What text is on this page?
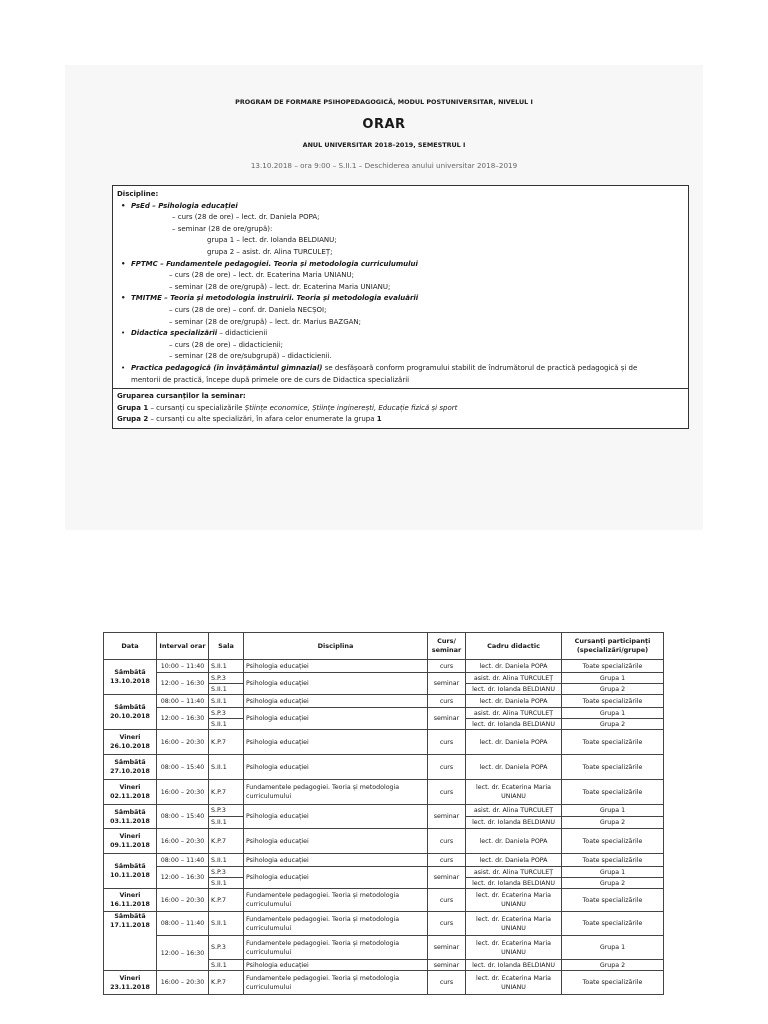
PROGRAM DE FORMARE PSIHOPEDAGOGICĂ, MODUL POSTUNIVERSITAR, NIVELUL I
ORAR
ANUL UNIVERSITAR 2018–2019, SEMESTRUL I
13.10.2018 – ora 9:00 – S.II.1 – Deschiderea anului universitar 2018–2019
Discipline:
• PsEd – Psihologia educației
– curs (28 de ore) – lect. dr. Daniela POPA;
– seminar (28 de ore/grupă):
grupa 1 – lect. dr. Iolanda BELDIANU;
grupa 2 – asist. dr. Alina TURCULEȚ;
• FPTMC – Fundamentele pedagogiei. Teoria și metodologia curriculumului
– curs (28 de ore) – lect. dr. Ecaterina Maria UNIANU;
– seminar (28 de ore/grupă) – lect. dr. Ecaterina Maria UNIANU;
• TMITME – Teoria și metodologia instruirii. Teoria și metodologia evaluării
– curs (28 de ore) – conf. dr. Daniela NECȘOI;
– seminar (28 de ore/grupă) – lect. dr. Marius BAZGAN;
• Didactica specializării – didacticienii
– curs (28 de ore) – didacticienii;
– seminar (28 de ore/subgrupă) – didacticienii.
• Practica pedagogică (în învățământul gimnazial) se desfășoară conform programului stabilit de îndrumătorul de practică pedagogică și de
mentorii de practică, începe după primele ore de curs de Didactica specializării
Gruparea cursanților la seminar:
Grupa 1 – cursanți cu specializările Științe economice, Științe inginerești, Educație fizică și sport
Grupa 2 – cursanți cu alte specializări, în afara celor enumerate la grupa 1
Data	Interval orar	Sala	Disciplina	Curs/ seminar	Cadru didactic	Cursanți participanți (specializări/grupe)
Sâmbătă 13.10.2018	10:00 – 11:40	S.II.1	Psihologia educației	curs	lect. dr. Daniela POPA	Toate specializările
	12:00 – 16:30	S.P.3	Psihologia educației	seminar	asist. dr. Alina TURCULEȚ	Grupa 1
		S.II.1			lect. dr. Iolanda BELDIANU	Grupa 2
Sâmbătă 20.10.2018	08:00 – 11:40	S.II.1	Psihologia educației	curs	lect. dr. Daniela POPA	Toate specializările
	12:00 – 16:30	S.P.3	Psihologia educației	seminar	asist. dr. Alina TURCULEȚ	Grupa 1
		S.II.1			lect. dr. Iolanda BELDIANU	Grupa 2
Vineri 26.10.2018	16:00 – 20:30	K.P.7	Psihologia educației	curs	lect. dr. Daniela POPA	Toate specializările
Sâmbătă 27.10.2018	08:00 – 15:40	S.II.1	Psihologia educației	curs	lect. dr. Daniela POPA	Toate specializările
Vineri 02.11.2018	16:00 – 20:30	K.P.7	Fundamentele pedagogiei. Teoria și metodologia curriculumului	curs	lect. dr. Ecaterina Maria UNIANU	Toate specializările
Sâmbătă 03.11.2018	08:00 – 15:40	S.P.3	Psihologia educației	seminar	asist. dr. Alina TURCULEȚ	Grupa 1
		S.II.1			lect. dr. Iolanda BELDIANU	Grupa 2
Vineri 09.11.2018	16:00 – 20:30	K.P.7	Psihologia educației	curs	lect. dr. Daniela POPA	Toate specializările
Sâmbătă 10.11.2018	08:00 – 11:40	S.II.1	Psihologia educației	curs	lect. dr. Daniela POPA	Toate specializările
	12:00 – 16:30	S.P.3	Psihologia educației	seminar	asist. dr. Alina TURCULEȚ	Grupa 1
		S.II.1			lect. dr. Iolanda BELDIANU	Grupa 2
Vineri 16.11.2018	16:00 – 20:30	K.P.7	Fundamentele pedagogiei. Teoria și metodologia curriculumului	curs	lect. dr. Ecaterina Maria UNIANU	Toate specializările
Sâmbătă 17.11.2018	08:00 – 11:40	S.II.1	Fundamentele pedagogiei. Teoria și metodologia curriculumului	curs	lect. dr. Ecaterina Maria UNIANU	Toate specializările
	12:00 – 16:30	S.P.3	Fundamentele pedagogiei. Teoria și metodologia curriculumului	seminar	lect. dr. Ecaterina Maria UNIANU	Grupa 1
		S.II.1	Psihologia educației	seminar	lect. dr. Iolanda BELDIANU	Grupa 2
Vineri 23.11.2018	16:00 – 20:30	K.P.7	Fundamentele pedagogiei. Teoria și metodologia curriculumului	curs	lect. dr. Ecaterina Maria UNIANU	Toate specializările
